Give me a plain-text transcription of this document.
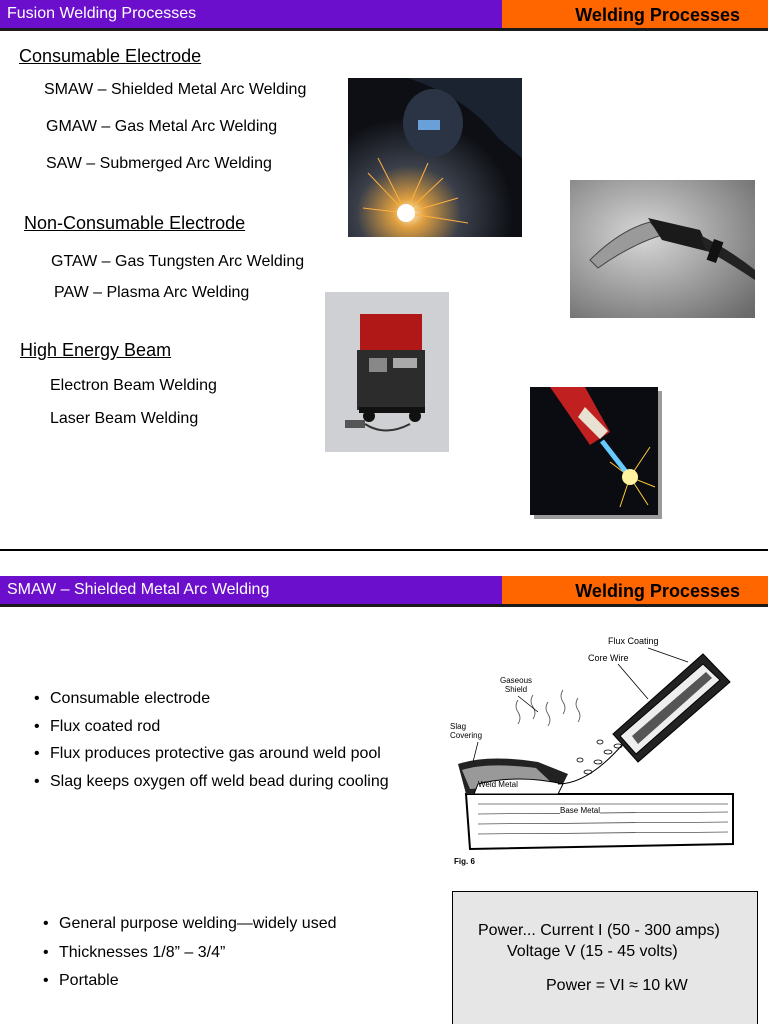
Fusion Welding Processes	Welding Processes
Consumable Electrode
SMAW – Shielded Metal Arc Welding
GMAW – Gas Metal Arc Welding
SAW – Submerged Arc Welding
Non-Consumable Electrode
GTAW – Gas Tungsten Arc Welding
PAW – Plasma Arc Welding
High Energy Beam
Electron Beam Welding
Laser Beam Welding
SMAW – Shielded Metal Arc Welding	Welding Processes
• Consumable electrode
• Flux coated rod
• Flux produces protective gas around weld pool
• Slag keeps oxygen off weld bead during cooling
• General purpose welding—widely used
• Thicknesses 1/8” – 3/4”
• Portable
Flux Coating
Core Wire
Gaseous
Shield
Slag
Covering
Weld Metal
Base Metal
Fig. 6
Power... Current I (50 - 300 amps)
Voltage V (15 - 45 volts)
Power = VI ≈ 10 kW
